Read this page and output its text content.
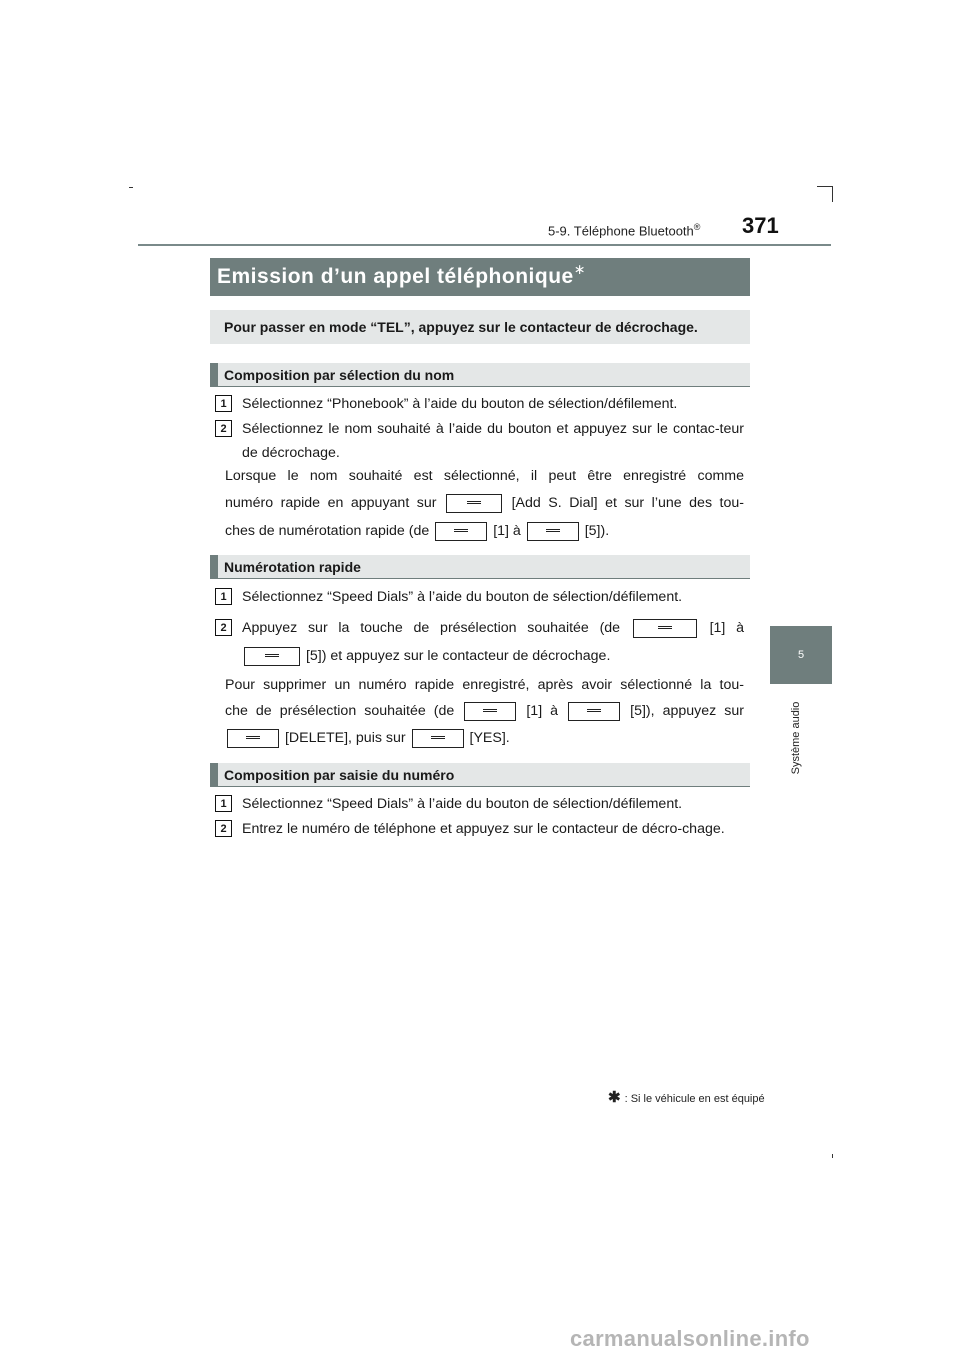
5-9. Téléphone Bluetooth® 371
5
Système audio
Emission d’un appel téléphonique∗
Pour passer en mode “TEL”, appuyez sur le contacteur de décrochage.
Composition par sélection du nom
1	Sélectionnez “Phonebook” à l’aide du bouton de sélection/défilement.
2	Sélectionnez le nom souhaité à l’aide du bouton et appuyez sur le contac-teur de décrochage.
Lorsque le nom souhaité est sélectionné, il peut être enregistré comme
numéro rapide en appuyant sur	[Add S. Dial] et sur l’une des tou-
ches de numérotation rapide (de	[1] à	[5]).
Numérotation rapide
1	Sélectionnez “Speed Dials” à l’aide du bouton de sélection/défilement.
2	Appuyez sur la touche de présélection souhaitée (de	[1] à
[5]) et appuyez sur le contacteur de décrochage.
Pour supprimer un numéro rapide enregistré, après avoir sélectionné la tou-
che de présélection souhaitée (de	[1] à	[5]), appuyez sur
[DELETE], puis sur	[YES].
Composition par saisie du numéro
1	Sélectionnez “Speed Dials” à l’aide du bouton de sélection/défilement.
2	Entrez le numéro de téléphone et appuyez sur le contacteur de décro-chage.
✱ : Si le véhicule en est équipé
carmanualsonline.info
